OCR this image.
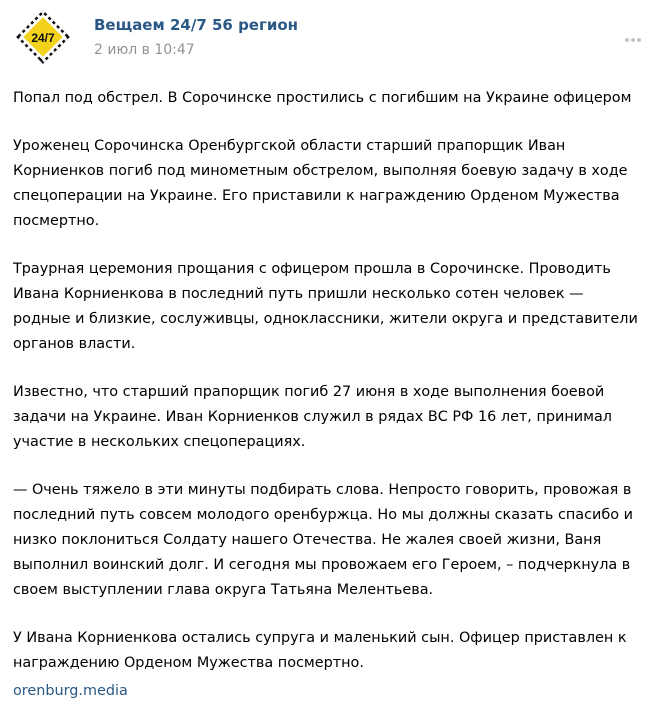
24/7
Вещаем 24/7 56 регион
2 июл в 10:47

Попал под обстрел. В Сорочинске простились с погибшим на Украине офицером

Уроженец Сорочинска Оренбургской области старший прапорщик Иван Корниенков погиб под минометным обстрелом, выполняя боевую задачу в ходе спецоперации на Украине. Его приставили к награждению Орденом Мужества посмертно.

Траурная церемония прощания с офицером прошла в Сорочинске. Проводить Ивана Корниенкова в последний путь пришли несколько сотен человек — родные и близкие, сослуживцы, одноклассники, жители округа и представители органов власти.

Известно, что старший прапорщик погиб 27 июня в ходе выполнения боевой задачи на Украине. Иван Корниенков служил в рядах ВС РФ 16 лет, принимал участие в нескольких спецоперациях.

— Очень тяжело в эти минуты подбирать слова. Непросто говорить, провожая в последний путь совсем молодого оренбуржца. Но мы должны сказать спасибо и низко поклониться Солдату нашего Отечества. Не жалея своей жизни, Ваня выполнил воинский долг. И сегодня мы провожаем его Героем, – подчеркнула в своем выступлении глава округа Татьяна Мелентьева.

У Ивана Корниенкова остались супруга и маленький сын. Офицер приставлен к награждению Орденом Мужества посмертно.

orenburg.media
